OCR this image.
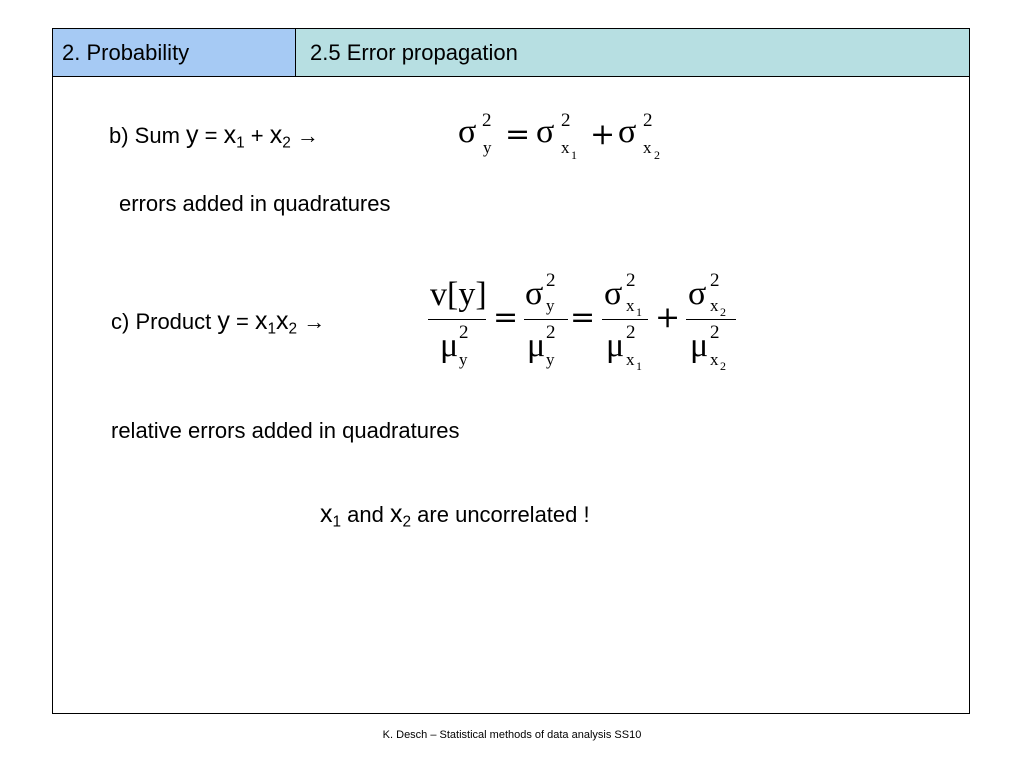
2. Probability	2.5 Error propagation
b) Sum $y = x_1 + x_2$ →	σ 2
y = σ 2
x 1
+ σ 2
x 2
errors added in quadratures
c) Product $y = x_1x_2$ →
v[y]
μ 2
y
=
σ 2
y
μ 2
y
=
σ 2
x 1
μ 2
x 1
+
σ 2
x 2
μ 2
x 2
relative errors added in quadratures
$x_1$ and $x_2$ are uncorrelated !
K. Desch – Statistical methods of data analysis SS10
